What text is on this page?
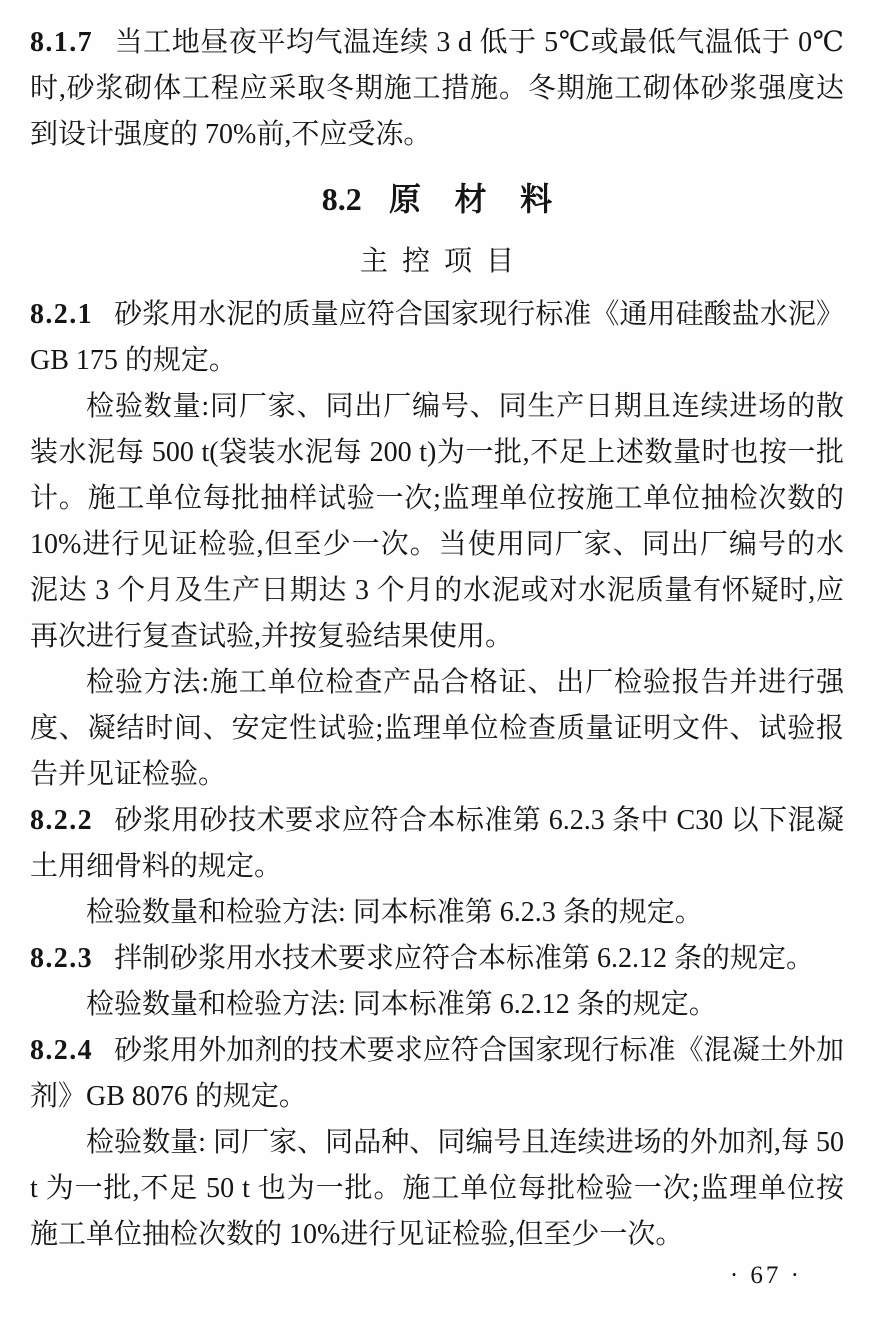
8.1.7 当工地昼夜平均气温连续 3 d 低于 5℃或最低气温低于 0℃时,砂浆砌体工程应采取冬期施工措施。冬期施工砌体砂浆强度达到设计强度的 70%前,不应受冻。

8.2 原材料
主控项目

8.2.1 砂浆用水泥的质量应符合国家现行标准《通用硅酸盐水泥》GB 175 的规定。

检验数量:同厂家、同出厂编号、同生产日期且连续进场的散装水泥每 500 t(袋装水泥每 200 t)为一批,不足上述数量时也按一批计。施工单位每批抽样试验一次;监理单位按施工单位抽检次数的 10%进行见证检验,但至少一次。当使用同厂家、同出厂编号的水泥达 3 个月及生产日期达 3 个月的水泥或对水泥质量有怀疑时,应再次进行复查试验,并按复验结果使用。

检验方法:施工单位检查产品合格证、出厂检验报告并进行强度、凝结时间、安定性试验;监理单位检查质量证明文件、试验报告并见证检验。

8.2.2 砂浆用砂技术要求应符合本标准第 6.2.3 条中 C30 以下混凝土用细骨料的规定。

检验数量和检验方法: 同本标准第 6.2.3 条的规定。

8.2.3 拌制砂浆用水技术要求应符合本标准第 6.2.12 条的规定。

检验数量和检验方法: 同本标准第 6.2.12 条的规定。

8.2.4 砂浆用外加剂的技术要求应符合国家现行标准《混凝土外加剂》GB 8076 的规定。

检验数量: 同厂家、同品种、同编号且连续进场的外加剂,每 50 t 为一批,不足 50 t 也为一批。施工单位每批检验一次;监理单位按施工单位抽检次数的 10%进行见证检验,但至少一次。

· 67 ·
